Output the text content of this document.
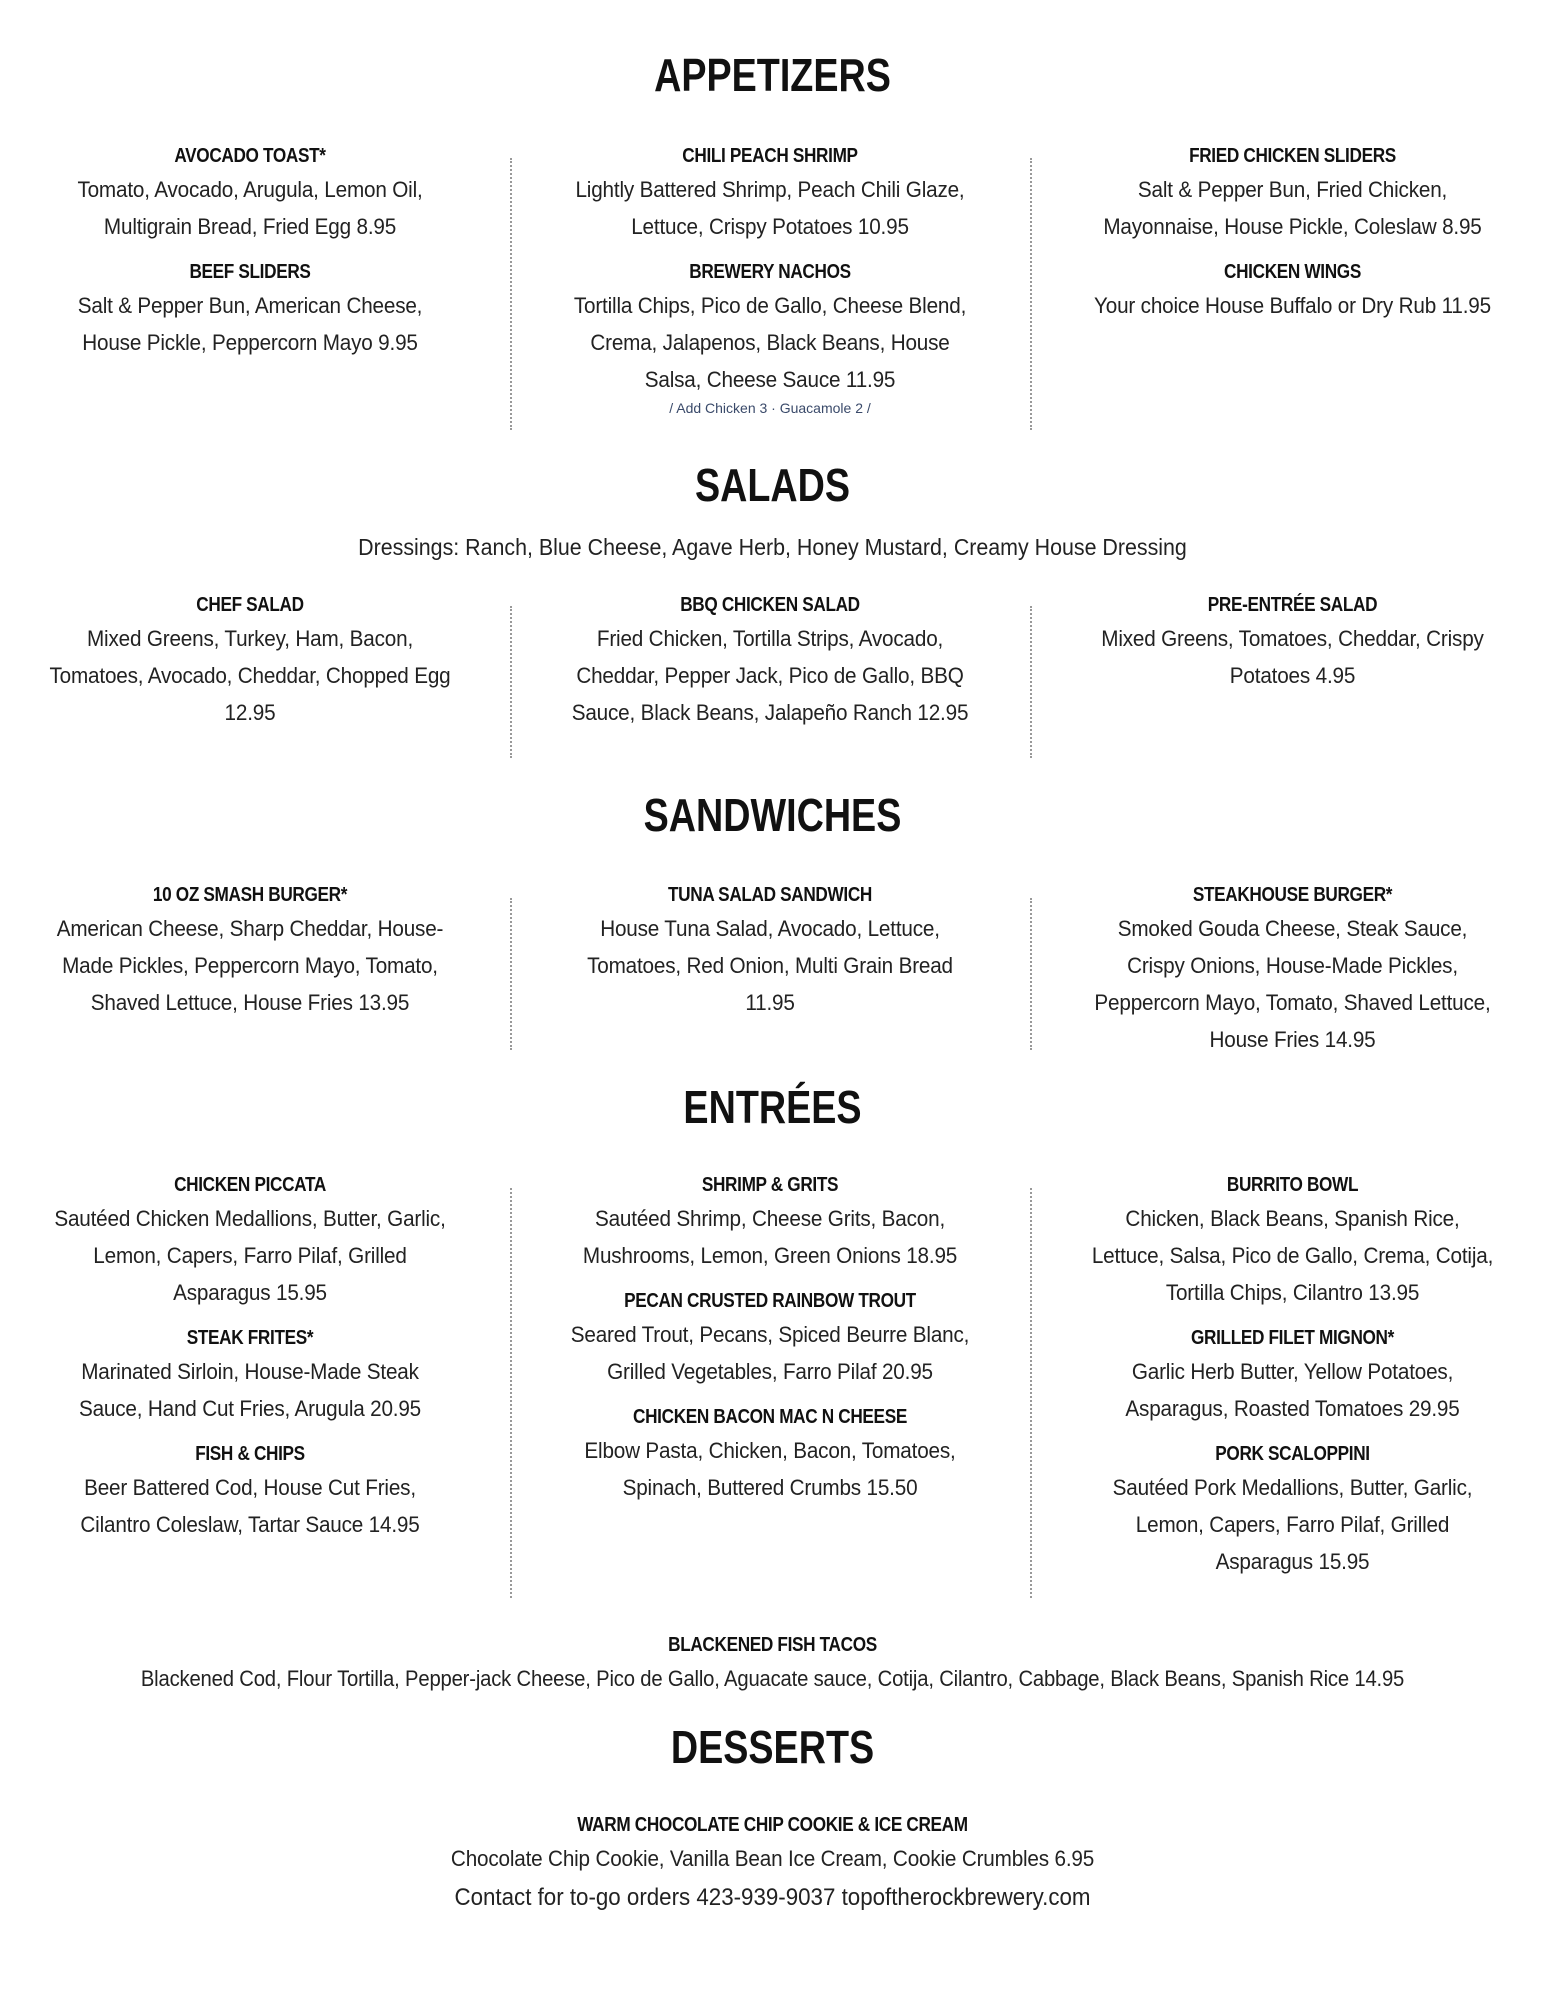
APPETIZERS
AVOCADO TOAST*
Tomato, Avocado, Arugula, Lemon Oil, Multigrain Bread, Fried Egg 8.95
BEEF SLIDERS
Salt & Pepper Bun, American Cheese, House Pickle, Peppercorn Mayo 9.95
CHILI PEACH SHRIMP
Lightly Battered Shrimp, Peach Chili Glaze, Lettuce, Crispy Potatoes 10.95
BREWERY NACHOS
Tortilla Chips, Pico de Gallo, Cheese Blend, Crema, Jalapenos, Black Beans, House Salsa, Cheese Sauce 11.95
/ Add Chicken 3 · Guacamole 2 /
FRIED CHICKEN SLIDERS
Salt & Pepper Bun, Fried Chicken, Mayonnaise, House Pickle, Coleslaw 8.95
CHICKEN WINGS
Your choice House Buffalo or Dry Rub 11.95
SALADS
Dressings: Ranch, Blue Cheese, Agave Herb, Honey Mustard, Creamy House Dressing
CHEF SALAD
Mixed Greens, Turkey, Ham, Bacon, Tomatoes, Avocado, Cheddar, Chopped Egg 12.95
BBQ CHICKEN SALAD
Fried Chicken, Tortilla Strips, Avocado, Cheddar, Pepper Jack, Pico de Gallo, BBQ Sauce, Black Beans, Jalapeño Ranch 12.95
PRE-ENTRÉE SALAD
Mixed Greens, Tomatoes, Cheddar, Crispy Potatoes 4.95
SANDWICHES
10 OZ SMASH BURGER*
American Cheese, Sharp Cheddar, House-Made Pickles, Peppercorn Mayo, Tomato, Shaved Lettuce, House Fries 13.95
TUNA SALAD SANDWICH
House Tuna Salad, Avocado, Lettuce, Tomatoes, Red Onion, Multi Grain Bread 11.95
STEAKHOUSE BURGER*
Smoked Gouda Cheese, Steak Sauce, Crispy Onions, House-Made Pickles, Peppercorn Mayo, Tomato, Shaved Lettuce, House Fries 14.95
ENTRÉES
CHICKEN PICCATA
Sautéed Chicken Medallions, Butter, Garlic, Lemon, Capers, Farro Pilaf, Grilled Asparagus 15.95
STEAK FRITES*
Marinated Sirloin, House-Made Steak Sauce, Hand Cut Fries, Arugula 20.95
FISH & CHIPS
Beer Battered Cod, House Cut Fries, Cilantro Coleslaw, Tartar Sauce 14.95
SHRIMP & GRITS
Sautéed Shrimp, Cheese Grits, Bacon, Mushrooms, Lemon, Green Onions 18.95
PECAN CRUSTED RAINBOW TROUT
Seared Trout, Pecans, Spiced Beurre Blanc, Grilled Vegetables, Farro Pilaf 20.95
CHICKEN BACON MAC N CHEESE
Elbow Pasta, Chicken, Bacon, Tomatoes, Spinach, Buttered Crumbs 15.50
BURRITO BOWL
Chicken, Black Beans, Spanish Rice, Lettuce, Salsa, Pico de Gallo, Crema, Cotija, Tortilla Chips, Cilantro 13.95
GRILLED FILET MIGNON*
Garlic Herb Butter, Yellow Potatoes, Asparagus, Roasted Tomatoes 29.95
PORK SCALOPPINI
Sautéed Pork Medallions, Butter, Garlic, Lemon, Capers, Farro Pilaf, Grilled Asparagus 15.95
BLACKENED FISH TACOS
Blackened Cod, Flour Tortilla, Pepper-jack Cheese, Pico de Gallo, Aguacate sauce, Cotija, Cilantro, Cabbage, Black Beans, Spanish Rice 14.95
DESSERTS
WARM CHOCOLATE CHIP COOKIE & ICE CREAM
Chocolate Chip Cookie, Vanilla Bean Ice Cream, Cookie Crumbles 6.95
Contact for to-go orders 423-939-9037 topoftherockbrewery.com
